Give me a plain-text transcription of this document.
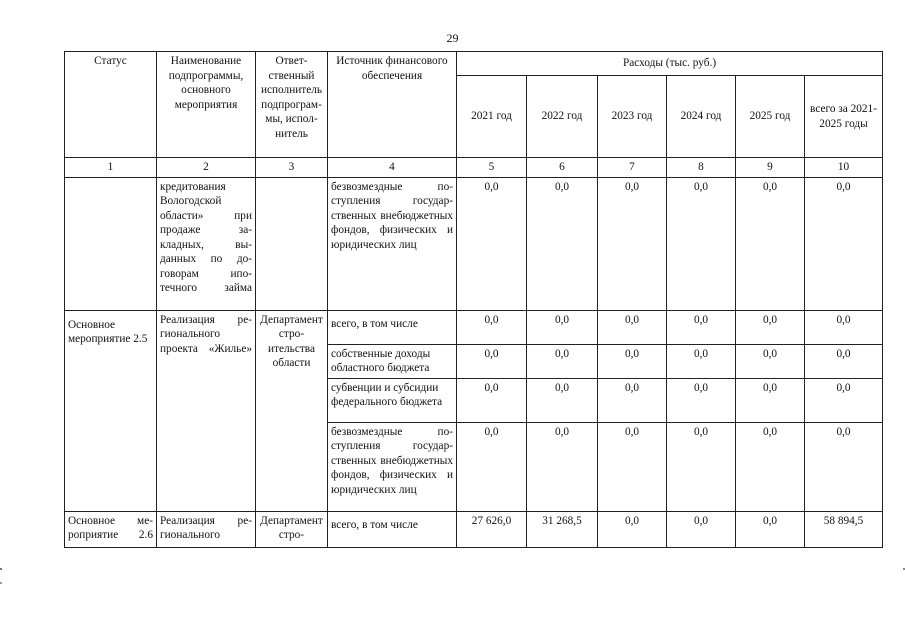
29
Статус	Наименование подпрограммы, основного мероприятия	Ответственный исполнитель подпрограммы, исполнитель	Источник финансового обеспечения	Расходы (тыс. руб.)					
				2021 год	2022 год	2023 год	2024 год	2025 год	всего за 2021-2025 годы
1	2	3	4	5	6	7	8	9	10
	кредитования Вологодской области» при продаже закладных, выданных по договорам ипотечного займа		безвозмездные поступления государственных внебюджетных фондов, физических и юридических лиц	0,0	0,0	0,0	0,0	0,0	0,0
Основное мероприятие 2.5	Реализация регионального проекта «Жилье»	Департамент строительства области	всего, в том числе	0,0	0,0	0,0	0,0	0,0	0,0
			собственные доходы областного бюджета	0,0	0,0	0,0	0,0	0,0	0,0
			субвенции и субсидии федерального бюджета	0,0	0,0	0,0	0,0	0,0	0,0
			безвозмездные поступления государственных внебюджетных фондов, физических и юридических лиц	0,0	0,0	0,0	0,0	0,0	0,0
Основное мероприятие 2.6	Реализация регионального	Департамент стро-	всего, в том числе	27 626,0	31 268,5	0,0	0,0	0,0	58 894,5
